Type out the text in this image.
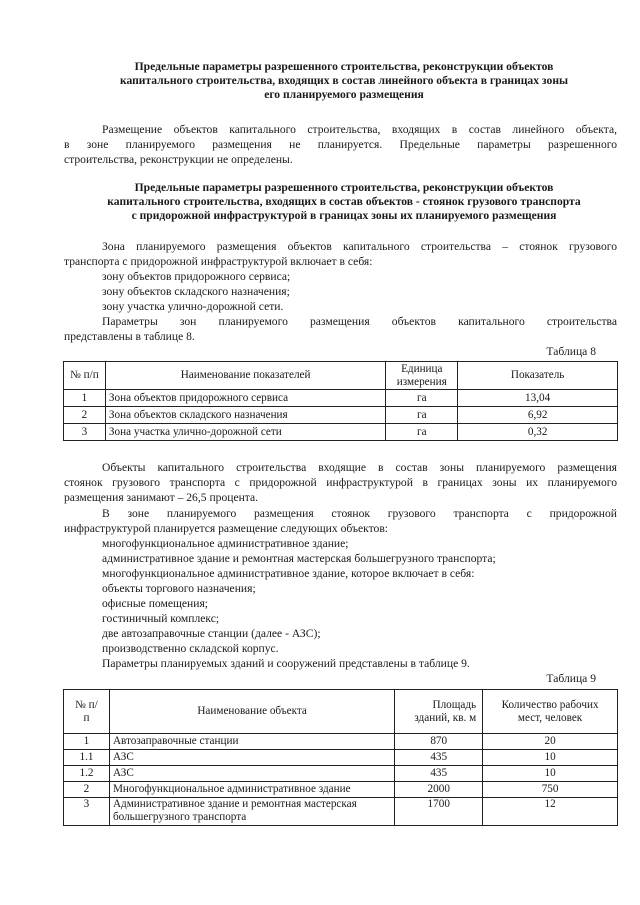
Предельные параметры разрешенного строительства, реконструкции объектов
капитального строительства, входящих в состав линейного объекта в границах зоны
его планируемого размещения
Размещение объектов капитального строительства, входящих в состав линейного объекта,
в зоне планируемого размещения не планируется. Предельные параметры разрешенного
строительства, реконструкции не определены.
Предельные параметры разрешенного строительства, реконструкции объектов
капитального строительства, входящих в состав объектов - стоянок грузового транспорта
с придорожной инфраструктурой в границах зоны их планируемого размещения
Зона планируемого размещения объектов капитального строительства – стоянок грузового
транспорта с придорожной инфраструктурой включает в себя:
зону объектов придорожного сервиса;
зону объектов складского назначения;
зону участка улично-дорожной сети.
Параметры зон планируемого размещения объектов капитального строительства
представлены в таблице 8.
Таблица 8
№ п/п	Наименование показателей	Единица измерения	Показатель
1	Зона объектов придорожного сервиса	га	13,04
2	Зона объектов складского назначения	га	6,92
3	Зона участка улично-дорожной сети	га	0,32
Объекты капитального строительства входящие в состав зоны планируемого размещения
стоянок грузового транспорта с придорожной инфраструктурой в границах зоны их планируемого
размещения занимают – 26,5 процента.
В зоне планируемого размещения стоянок грузового транспорта с придорожной
инфраструктурой планируется размещение следующих объектов:
многофункциональное административное здание;
административное здание и ремонтная мастерская большегрузного транспорта;
многофункциональное административное здание, которое включает в себя:
объекты торгового назначения;
офисные помещения;
гостиничный комплекс;
две автозаправочные станции (далее - АЗС);
производственно складской корпус.
Параметры планируемых зданий и сооружений представлены в таблице 9.
Таблица 9
№ п/п	Наименование объекта	Площадь зданий, кв. м	Количество рабочих мест, человек
1	Автозаправочные станции	870	20
1.1	АЗС	435	10
1.2	АЗС	435	10
2	Многофункциональное административное здание	2000	750
3	Административное здание и ремонтная мастерская большегрузного транспорта	1700	12
